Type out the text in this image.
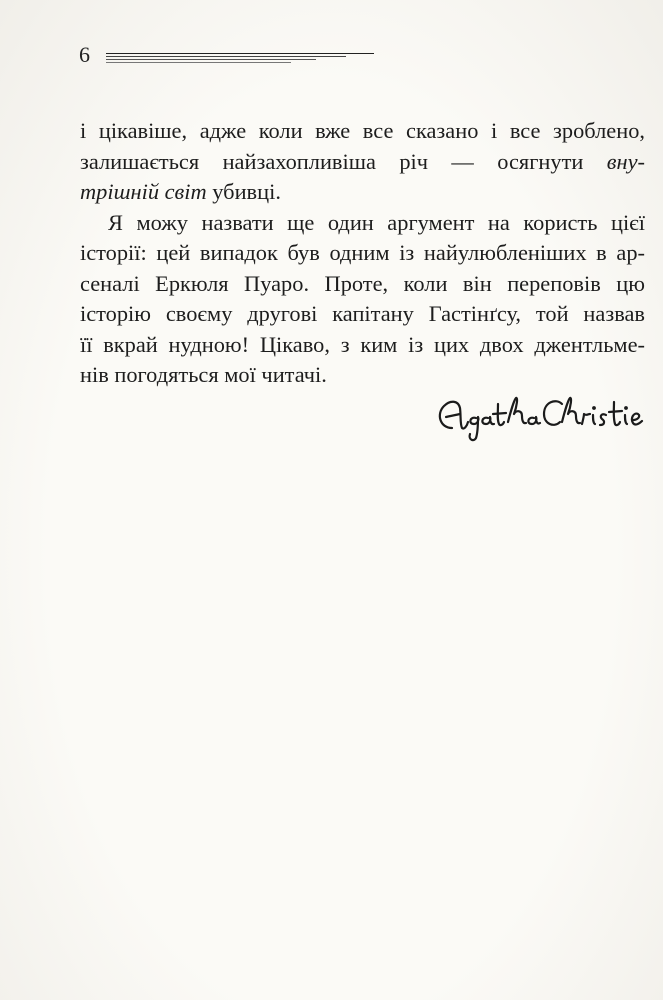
6
і цікавіше, адже коли вже все сказано і все зроблено,
залишається найзахопливіша річ — осягнути вну-
трішній світ убивці.
Я можу назвати ще один аргумент на користь цієї
історії: цей випадок був одним із найулюбленіших в ар-
сеналі Еркюля Пуаро. Проте, коли він переповів цю
історію своєму другові капітану Гастінґсу, той назвав
її вкрай нудною! Цікаво, з ким із цих двох джентльме-
нів погодяться мої читачі.
